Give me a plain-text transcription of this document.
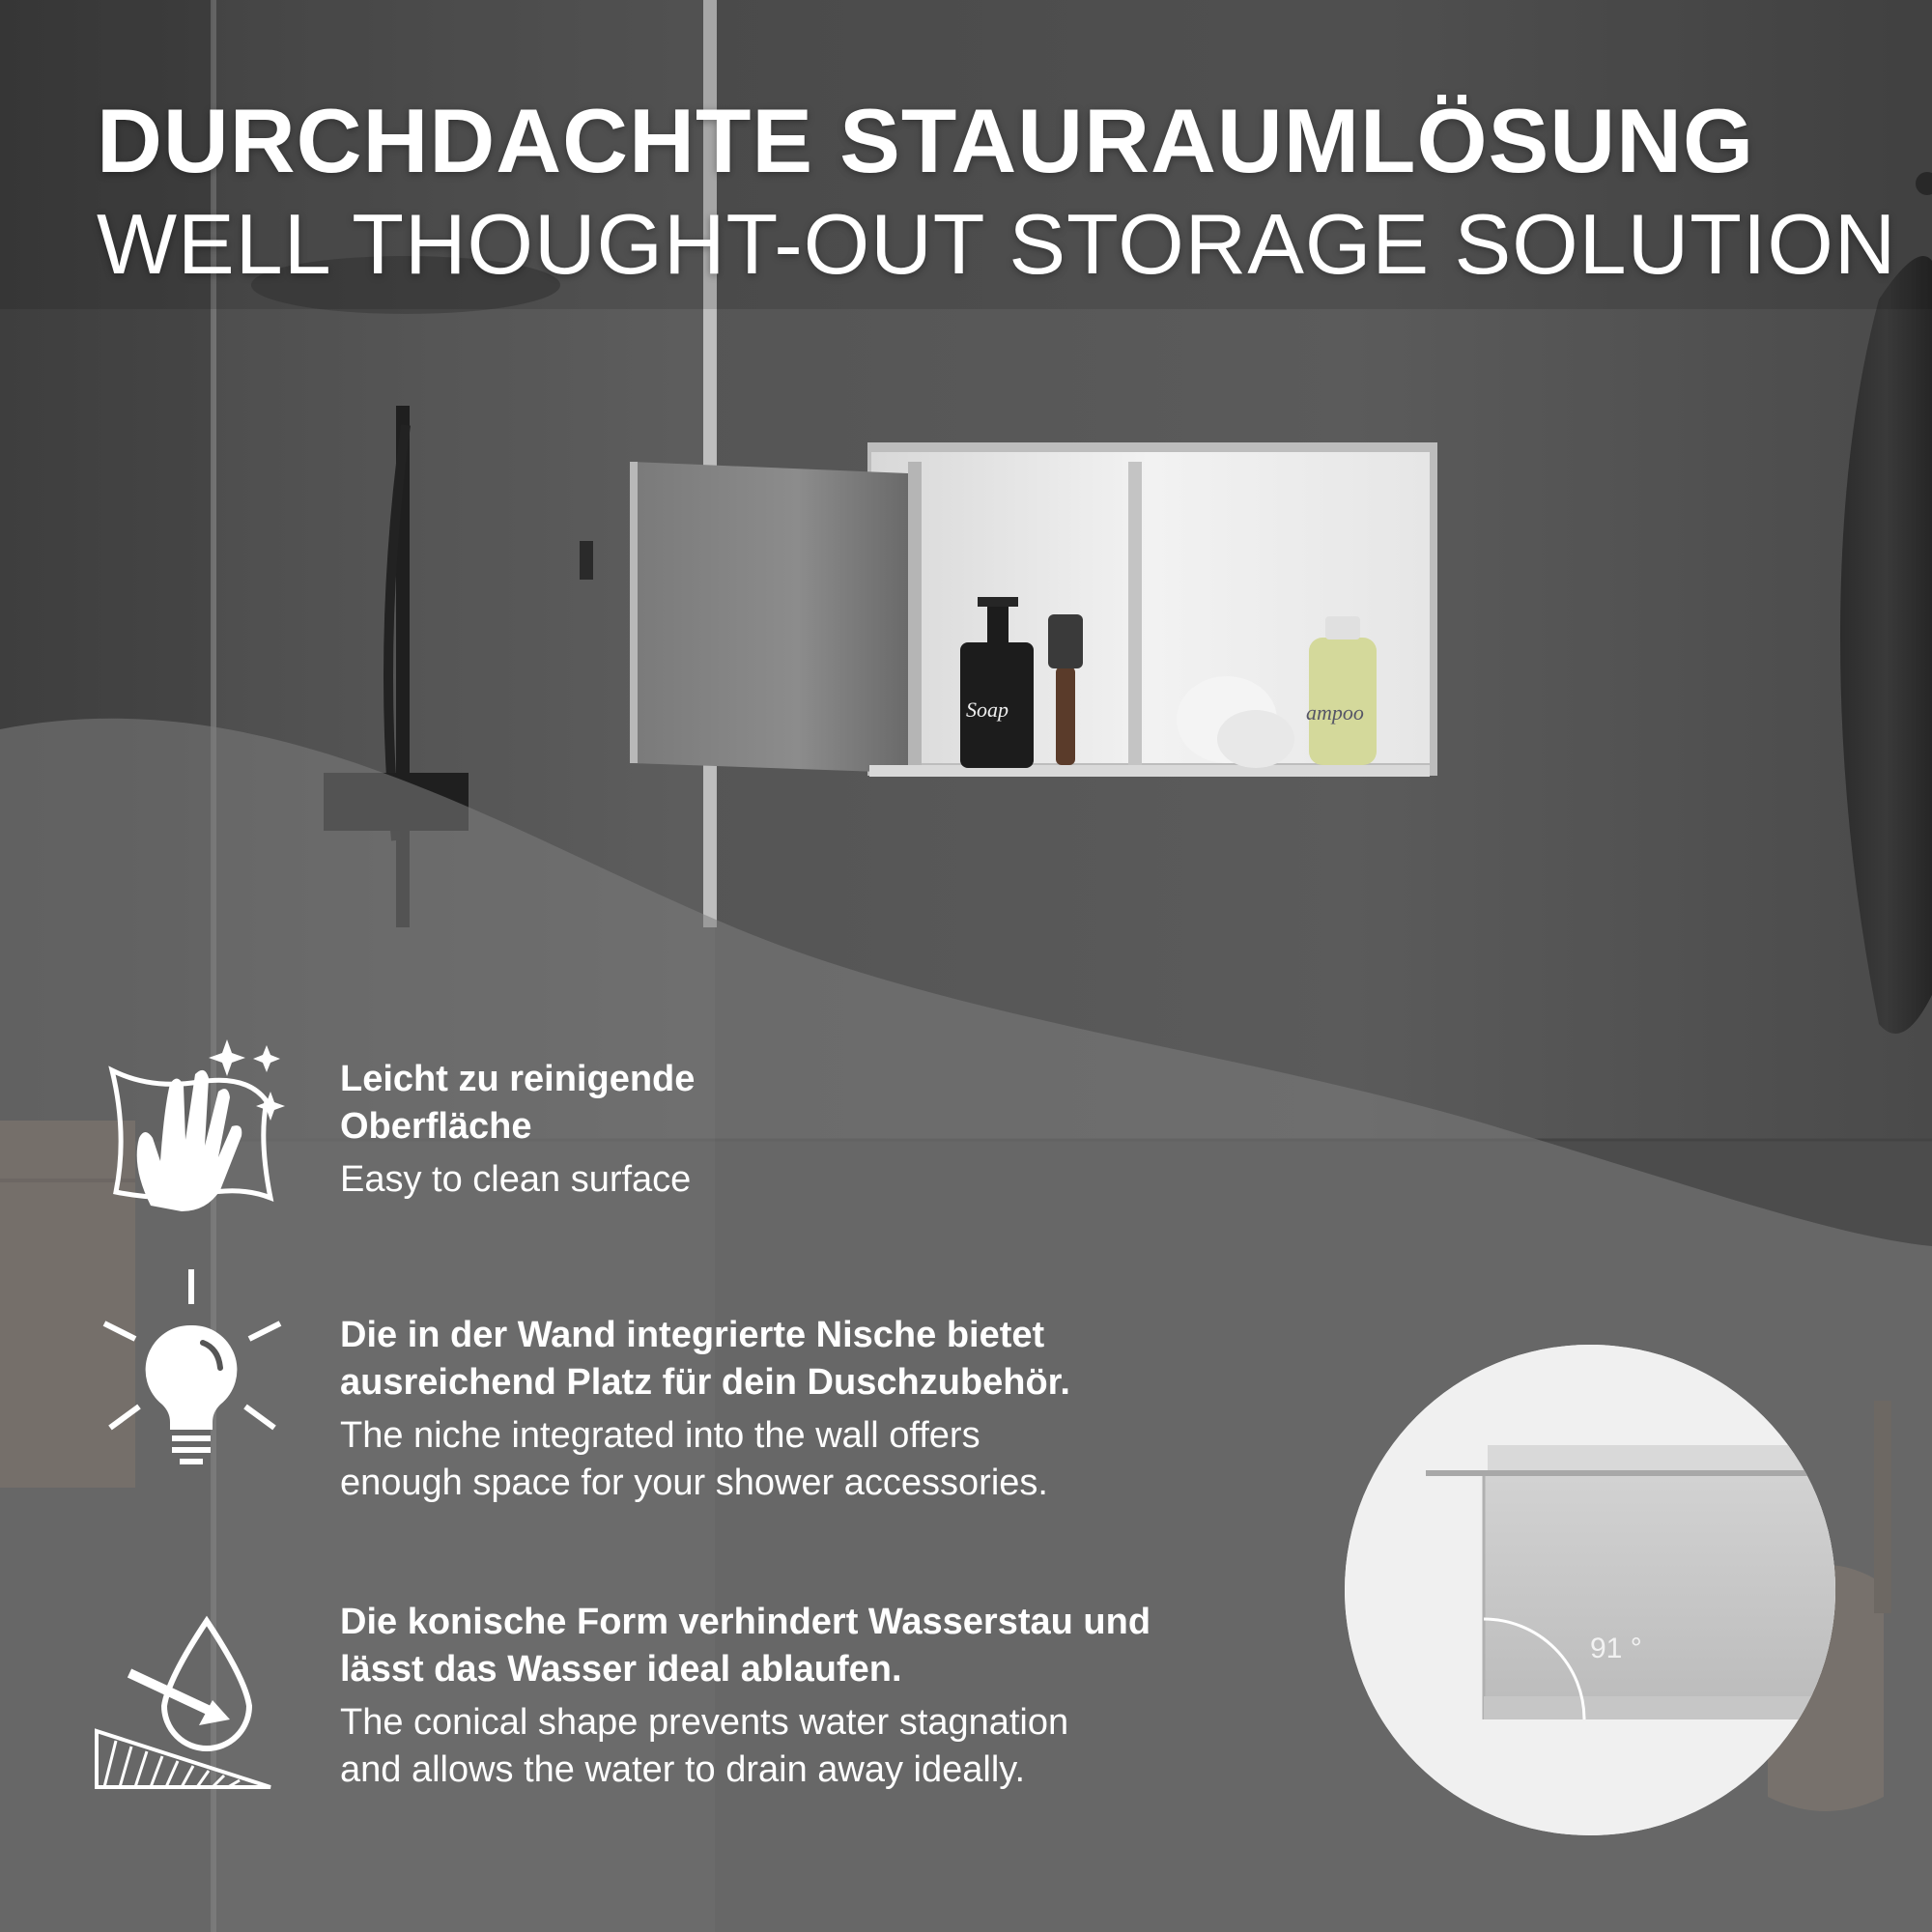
Soap	ampoo
DURCHDACHTE STAURAUMLÖSUNG
WELL THOUGHT-OUT STORAGE SOLUTION
Leicht zu reinigende
Oberfläche
Easy to clean surface
Die in der Wand integrierte Nische bietet
ausreichend Platz für dein Duschzubehör.
The niche integrated into the wall offers
enough space for your shower accessories.
Die konische Form verhindert Wasserstau und
lässt das Wasser ideal ablaufen.
The conical shape prevents water stagnation
and allows the water to drain away ideally.
91 °
